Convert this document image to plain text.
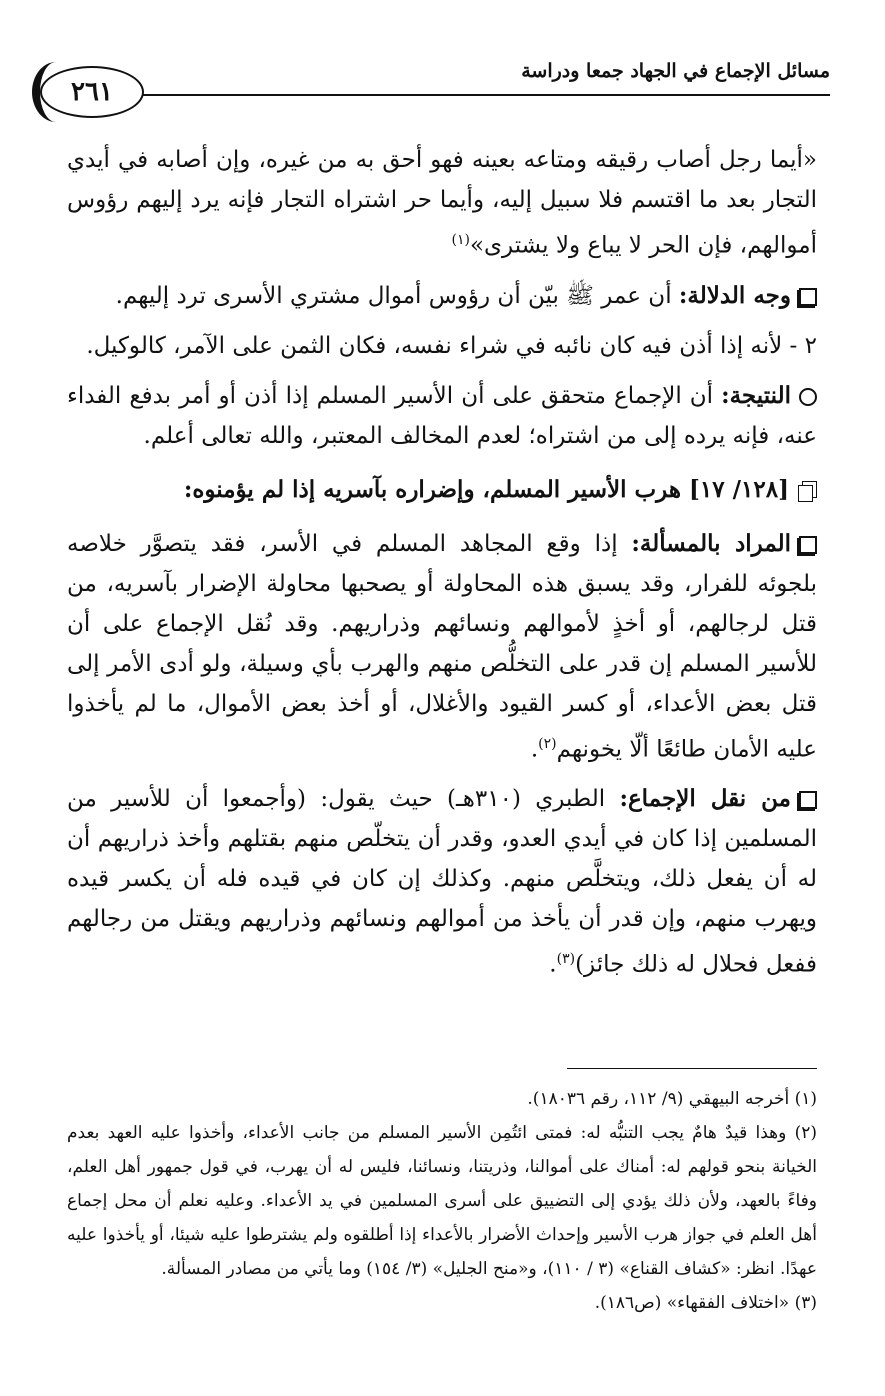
٢٦١
مسائل الإجماع في الجهاد جمعا ودراسة

«أيما رجل أصاب رقيقه ومتاعه بعينه فهو أحق به من غيره، وإن أصابه في أيدي التجار بعد ما اقتسم فلا سبيل إليه، وأيما حر اشتراه التجار فإنه يرد إليهم رؤوس أموالهم، فإن الحر لا يباع ولا يشترى»$^{(١)}$

وجه الدلالة: أن عمر ﷺ بيّن أن رؤوس أموال مشتري الأسرى ترد إليهم.

٢ - لأنه إذا أذن فيه كان نائبه في شراء نفسه، فكان الثمن على الآمر، كالوكيل.

النتيجة: أن الإجماع متحقق على أن الأسير المسلم إذا أذن أو أمر بدفع الفداء عنه، فإنه يرده إلى من اشتراه؛ لعدم المخالف المعتبر، والله تعالى أعلم.

[١٢٨/ ١٧] هرب الأسير المسلم، وإضراره بآسريه إذا لم يؤمنوه:

المراد بالمسألة: إذا وقع المجاهد المسلم في الأسر، فقد يتصوَّر خلاصه بلجوئه للفرار، وقد يسبق هذه المحاولة أو يصحبها محاولة الإضرار بآسريه، من قتل لرجالهم، أو أخذٍ لأموالهم ونسائهم وذراريهم. وقد نُقل الإجماع على أن للأسير المسلم إن قدر على التخلُّص منهم والهرب بأي وسيلة، ولو أدى الأمر إلى قتل بعض الأعداء، أو كسر القيود والأغلال، أو أخذ بعض الأموال، ما لم يأخذوا عليه الأمان طائعًا ألّا يخونهم$^{(٢)}$.

من نقل الإجماع: الطبري (٣١٠هـ) حيث يقول: (وأجمعوا أن للأسير من المسلمين إذا كان في أيدي العدو، وقدر أن يتخلّص منهم بقتلهم وأخذ ذراريهم أن له أن يفعل ذلك، ويتخلَّص منهم. وكذلك إن كان في قيده فله أن يكسر قيده ويهرب منهم، وإن قدر أن يأخذ من أموالهم ونسائهم وذراريهم ويقتل من رجالهم ففعل فحلال له ذلك جائز)$^{(٣)}$.

(١) أخرجه البيهقي (٩/ ١١٢، رقم ١٨٠٣٦).

(٢) وهذا قيدٌ هامٌ يجب التنبُّه له: فمتى ائتُمِن الأسير المسلم من جانب الأعداء، وأخذوا عليه العهد بعدم الخيانة بنحو قولهم له: أمناك على أموالنا، وذريتنا، ونسائنا، فليس له أن يهرب، في قول جمهور أهل العلم، وفاءً بالعهد، ولأن ذلك يؤدي إلى التضييق على أسرى المسلمين في يد الأعداء. وعليه نعلم أن محل إجماع أهل العلم في جواز هرب الأسير وإحداث الأضرار بالأعداء إذا أطلقوه ولم يشترطوا عليه شيئا، أو يأخذوا عليه عهدًا. انظر: «كشاف القناع» (٣ / ١١٠)، و«منح الجليل» (٣/ ١٥٤) وما يأتي من مصادر المسألة.

(٣) «اختلاف الفقهاء» (ص١٨٦).
